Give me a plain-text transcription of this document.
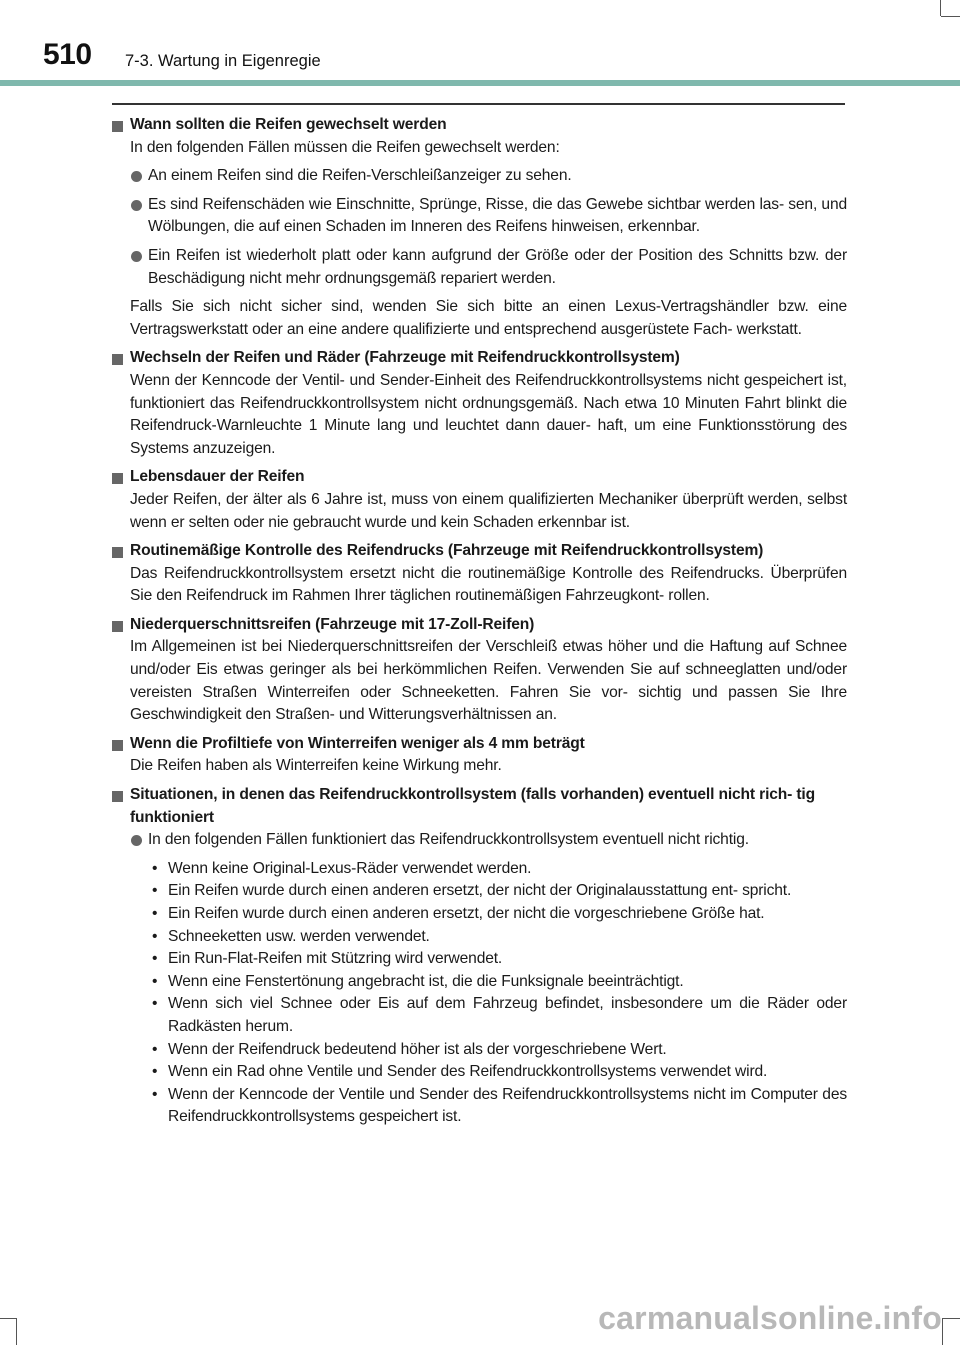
510 7-3. Wartung in Eigenregie
Wann sollten die Reifen gewechselt werden
In den folgenden Fällen müssen die Reifen gewechselt werden:
An einem Reifen sind die Reifen-Verschleißanzeiger zu sehen.
Es sind Reifenschäden wie Einschnitte, Sprünge, Risse, die das Gewebe sichtbar werden las- sen, und Wölbungen, die auf einen Schaden im Inneren des Reifens hinweisen, erkennbar.
Ein Reifen ist wiederholt platt oder kann aufgrund der Größe oder der Position des Schnitts bzw. der Beschädigung nicht mehr ordnungsgemäß repariert werden.
Falls Sie sich nicht sicher sind, wenden Sie sich bitte an einen Lexus-Vertragshändler bzw. eine Vertragswerkstatt oder an eine andere qualifizierte und entsprechend ausgerüstete Fach- werkstatt.
Wechseln der Reifen und Räder (Fahrzeuge mit Reifendruckkontrollsystem)
Wenn der Kenncode der Ventil- und Sender-Einheit des Reifendruckkontrollsystems nicht gespeichert ist, funktioniert das Reifendruckkontrollsystem nicht ordnungsgemäß. Nach etwa 10 Minuten Fahrt blinkt die Reifendruck-Warnleuchte 1 Minute lang und leuchtet dann dauer- haft, um eine Funktionsstörung des Systems anzuzeigen.
Lebensdauer der Reifen
Jeder Reifen, der älter als 6 Jahre ist, muss von einem qualifizierten Mechaniker überprüft werden, selbst wenn er selten oder nie gebraucht wurde und kein Schaden erkennbar ist.
Routinemäßige Kontrolle des Reifendrucks (Fahrzeuge mit Reifendruckkontrollsystem)
Das Reifendruckkontrollsystem ersetzt nicht die routinemäßige Kontrolle des Reifendrucks. Überprüfen Sie den Reifendruck im Rahmen Ihrer täglichen routinemäßigen Fahrzeugkont- rollen.
Niederquerschnittsreifen (Fahrzeuge mit 17-Zoll-Reifen)
Im Allgemeinen ist bei Niederquerschnittsreifen der Verschleiß etwas höher und die Haftung auf Schnee und/oder Eis etwas geringer als bei herkömmlichen Reifen. Verwenden Sie auf schneeglatten und/oder vereisten Straßen Winterreifen oder Schneeketten. Fahren Sie vor- sichtig und passen Sie Ihre Geschwindigkeit den Straßen- und Witterungsverhältnissen an.
Wenn die Profiltiefe von Winterreifen weniger als 4 mm beträgt
Die Reifen haben als Winterreifen keine Wirkung mehr.
Situationen, in denen das Reifendruckkontrollsystem (falls vorhanden) eventuell nicht rich- tig funktioniert
In den folgenden Fällen funktioniert das Reifendruckkontrollsystem eventuell nicht richtig.
• Wenn keine Original-Lexus-Räder verwendet werden.
• Ein Reifen wurde durch einen anderen ersetzt, der nicht der Originalausstattung ent- spricht.
• Ein Reifen wurde durch einen anderen ersetzt, der nicht die vorgeschriebene Größe hat.
• Schneeketten usw. werden verwendet.
• Ein Run-Flat-Reifen mit Stützring wird verwendet.
• Wenn eine Fenstertönung angebracht ist, die die Funksignale beeinträchtigt.
• Wenn sich viel Schnee oder Eis auf dem Fahrzeug befindet, insbesondere um die Räder oder Radkästen herum.
• Wenn der Reifendruck bedeutend höher ist als der vorgeschriebene Wert.
• Wenn ein Rad ohne Ventile und Sender des Reifendruckkontrollsystems verwendet wird.
• Wenn der Kenncode der Ventile und Sender des Reifendruckkontrollsystems nicht im Computer des Reifendruckkontrollsystems gespeichert ist.
carmanualsonline.info
